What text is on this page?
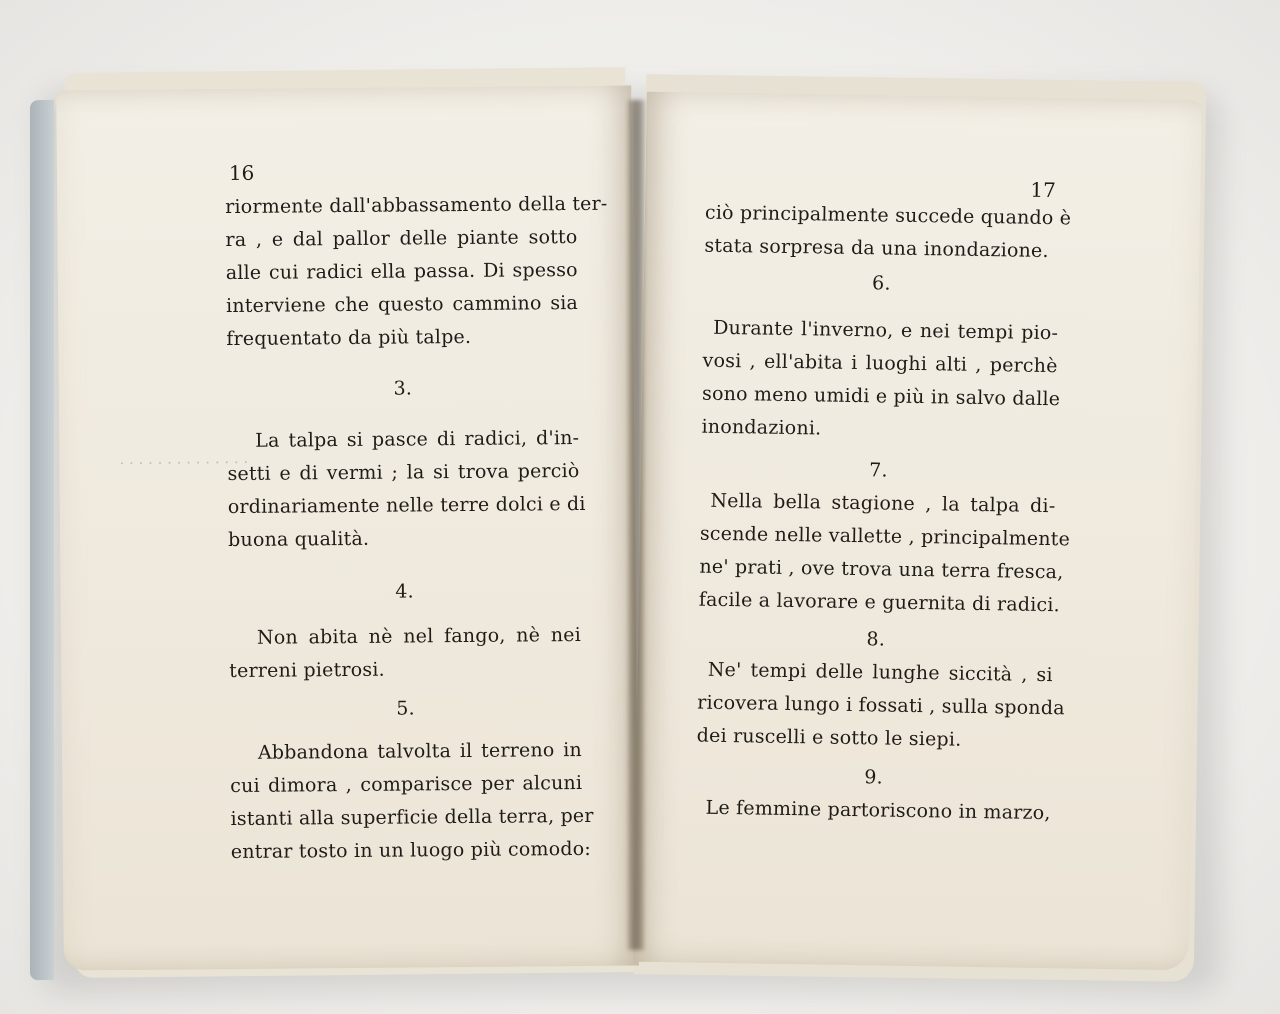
. . . . . . . . . . . . . .
16
riormente dall'abbassamento della ter-
ra , e dal pallor delle piante sotto
alle cui radici ella passa. Di spesso
interviene che questo cammino sia
frequentato da più talpe.
3.
La talpa si pasce di radici, d'in-
setti e di vermi ; la si trova perciò
ordinariamente nelle terre dolci e di
buona qualità.
4.
Non abita nè nel fango, nè nei
terreni pietrosi.
5.
Abbandona talvolta il terreno in
cui dimora , comparisce per alcuni
istanti alla superficie della terra, per
entrar tosto in un luogo più comodo:
17
ciò principalmente succede quando è
stata sorpresa da una inondazione.
6.
Durante l'inverno, e nei tempi pio-
vosi , ell'abita i luoghi alti , perchè
sono meno umidi e più in salvo dalle
inondazioni.
7.
Nella bella stagione , la talpa di-
scende nelle vallette , principalmente
ne' prati , ove trova una terra fresca,
facile a lavorare e guernita di radici.
8.
Ne' tempi delle lunghe siccità , si
ricovera lungo i fossati , sulla sponda
dei ruscelli e sotto le siepi.
9.
Le femmine partoriscono in marzo,
